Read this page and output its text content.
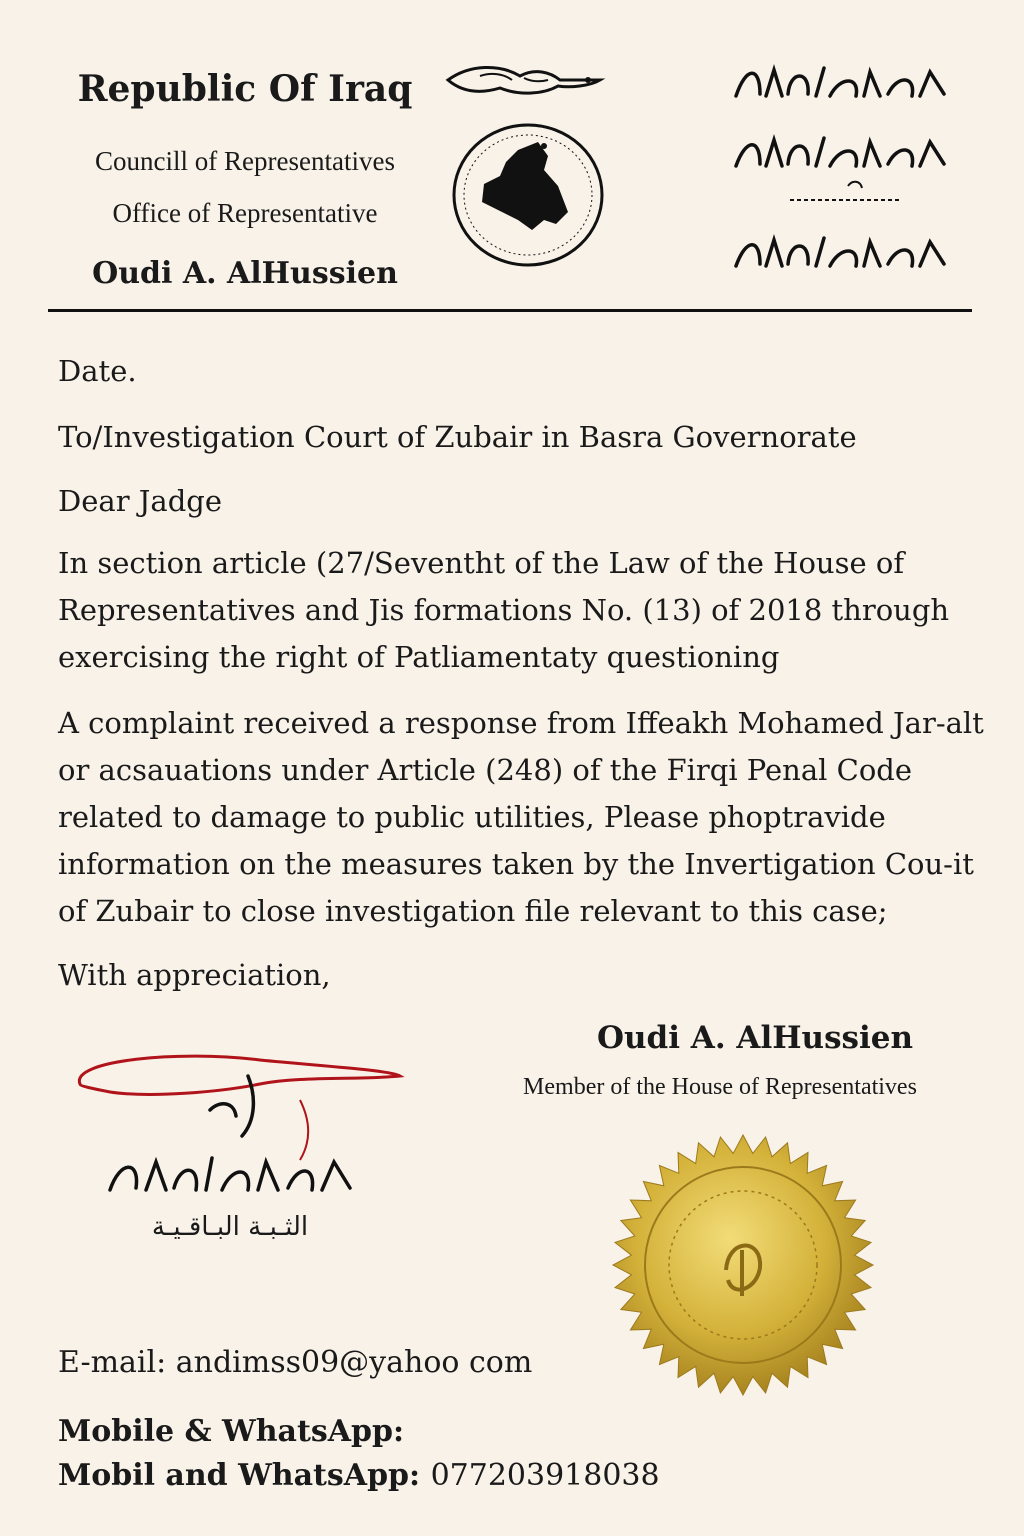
Republic Of Iraq
Councill of Representatives
Office of Representative
Oudi A. AlHussien
Date.
To/Investigation Court of Zubair in Basra Governorate
Dear Jadge
In section article (27/Seventht of the Law of the House of Representatives and Jis formations No. (13) of 2018 through exercising the right of Patliamentaty questioning
A complaint received a response from Iffeakh Mohamed Jar-alt or acsauations under Article (248) of the Firqi Penal Code related to damage to public utilities, Please phoptravide information on the measures taken by the Invertigation Cou-it of Zubair to close investigation file relevant to this case;
With appreciation,
Oudi A. AlHussien
Member of the House of Representatives
الثـبـة البـاقـيـة
E-mail: andimss09@yahoo com
Mobile & WhatsApp:
Mobil and WhatsApp: 077203918038
